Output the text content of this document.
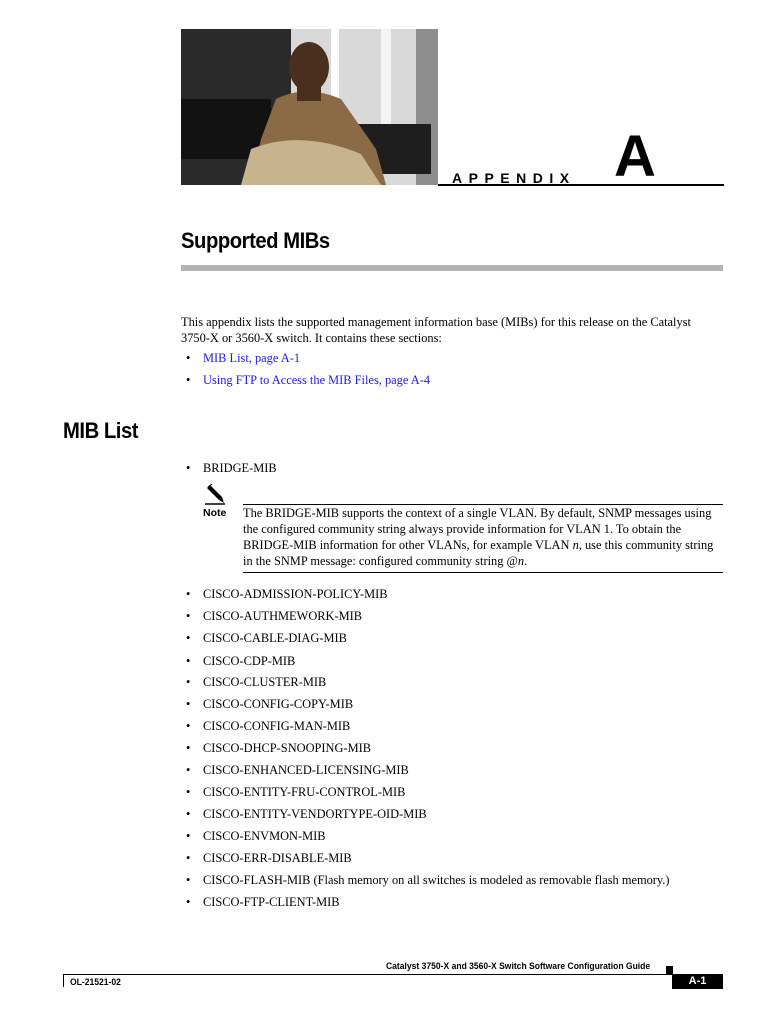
APPENDIX A
Supported MIBs
This appendix lists the supported management information base (MIBs) for this release on the Catalyst 3750-X or 3560-X switch. It contains these sections:
• MIB List, page A-1
• Using FTP to Access the MIB Files, page A-4
MIB List
• BRIDGE-MIB
Note The BRIDGE-MIB supports the context of a single VLAN. By default, SNMP messages using the configured community string always provide information for VLAN 1. To obtain the BRIDGE-MIB information for other VLANs, for example VLAN n, use this community string in the SNMP message: configured community string @n.
• CISCO-ADMISSION-POLICY-MIB
• CISCO-AUTHMEWORK-MIB
• CISCO-CABLE-DIAG-MIB
• CISCO-CDP-MIB
• CISCO-CLUSTER-MIB
• CISCO-CONFIG-COPY-MIB
• CISCO-CONFIG-MAN-MIB
• CISCO-DHCP-SNOOPING-MIB
• CISCO-ENHANCED-LICENSING-MIB
• CISCO-ENTITY-FRU-CONTROL-MIB
• CISCO-ENTITY-VENDORTYPE-OID-MIB
• CISCO-ENVMON-MIB
• CISCO-ERR-DISABLE-MIB
• CISCO-FLASH-MIB (Flash memory on all switches is modeled as removable flash memory.)
• CISCO-FTP-CLIENT-MIB
Catalyst 3750-X and 3560-X Switch Software Configuration Guide
OL-21521-02	A-1
